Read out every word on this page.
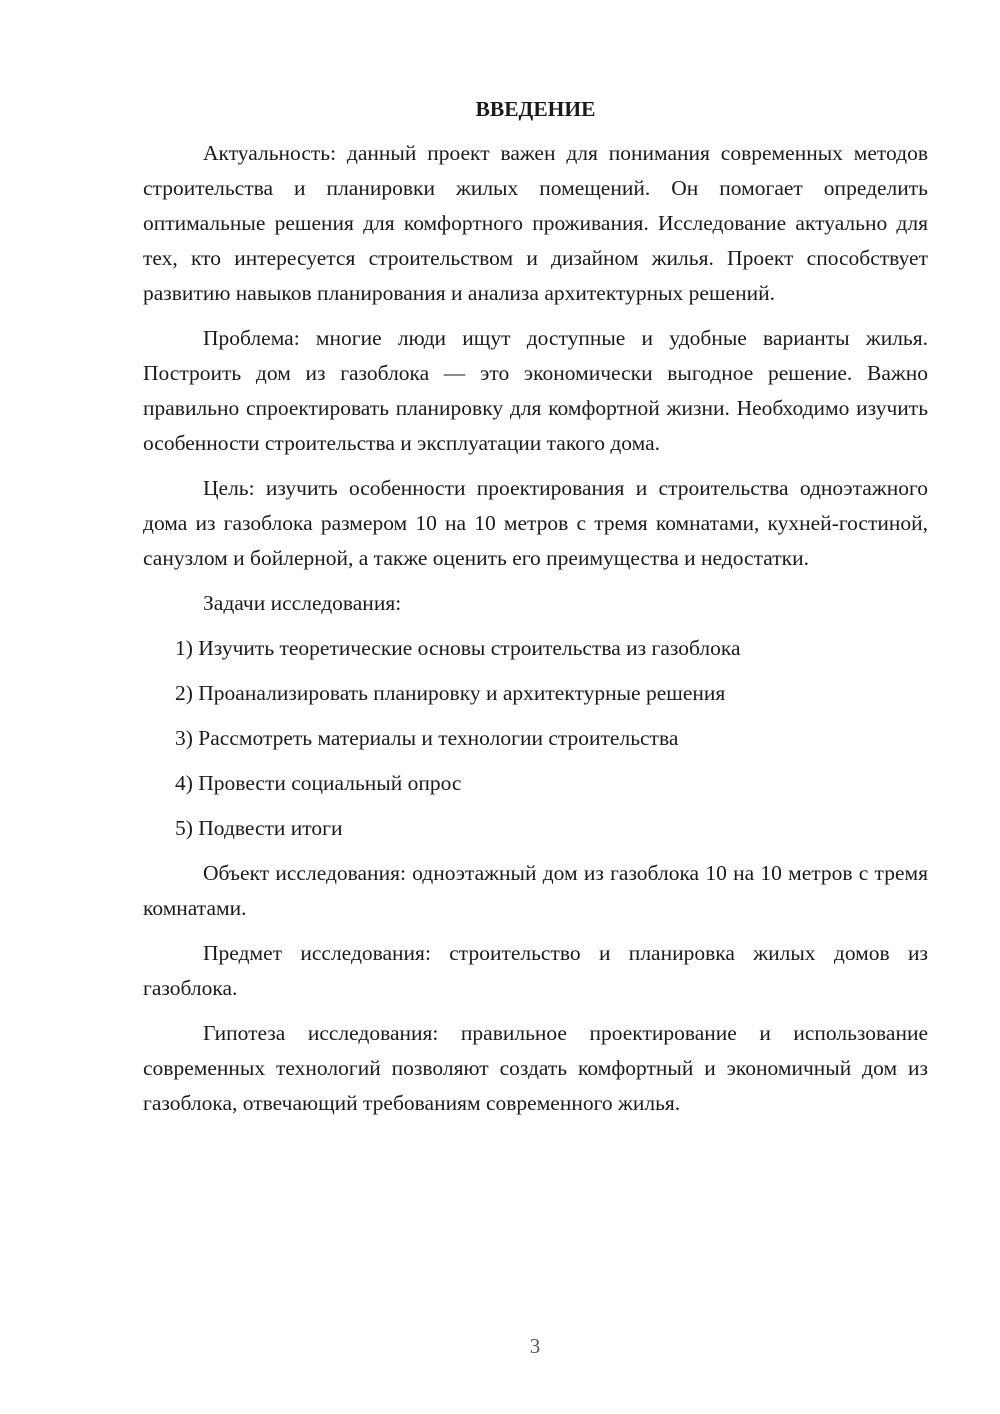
ВВЕДЕНИЕ

Актуальность: данный проект важен для понимания современных методов строительства и планировки жилых помещений. Он помогает определить оптимальные решения для комфортного проживания. Исследование актуально для тех, кто интересуется строительством и дизайном жилья. Проект способствует развитию навыков планирования и анализа архитектурных решений.

Проблема: многие люди ищут доступные и удобные варианты жилья. Построить дом из газоблока — это экономически выгодное решение. Важно правильно спроектировать планировку для комфортной жизни. Необходимо изучить особенности строительства и эксплуатации такого дома.

Цель: изучить особенности проектирования и строительства одноэтажного дома из газоблока размером 10 на 10 метров с тремя комнатами, кухней-гостиной, санузлом и бойлерной, а также оценить его преимущества и недостатки.

Задачи исследования:

1) Изучить теоретические основы строительства из газоблока
2) Проанализировать планировку и архитектурные решения
3) Рассмотреть материалы и технологии строительства
4) Провести социальный опрос
5) Подвести итоги

Объект исследования: одноэтажный дом из газоблока 10 на 10 метров с тремя комнатами.

Предмет исследования: строительство и планировка жилых домов из газоблока.

Гипотеза исследования: правильное проектирование и использование современных технологий позволяют создать комфортный и экономичный дом из газоблока, отвечающий требованиям современного жилья.

3
